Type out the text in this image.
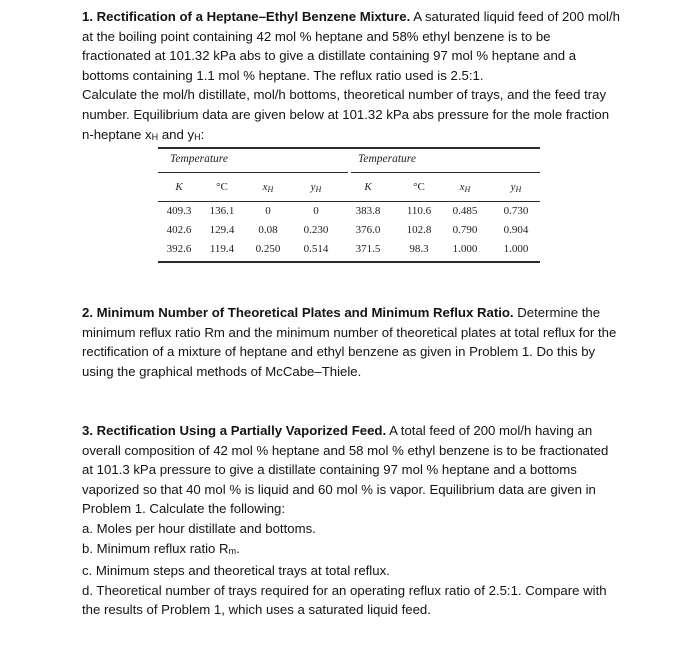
1. Rectification of a Heptane–Ethyl Benzene Mixture. A saturated liquid feed of 200 mol/h at the boiling point containing 42 mol % heptane and 58% ethyl benzene is to be fractionated at 101.32 kPa abs to give a distillate containing 97 mol % heptane and a bottoms containing 1.1 mol % heptane. The reflux ratio used is 2.5:1.

Calculate the mol/h distillate, mol/h bottoms, theoretical number of trays, and the feed tray number. Equilibrium data are given below at 101.32 kPa abs pressure for the mole fraction n-heptane xH and yH:

Temperature	Temperature
K	°C	xH	yH	K	°C	xH	yH
409.3 136.1	0	0	383.8 110.6 0.485 0.730
402.6 129.4 0.08 0.230 376.0 102.8 0.790 0.904
392.6 119.4 0.250 0.514 371.5	98.3 1.000 1.000

2. Minimum Number of Theoretical Plates and Minimum Reflux Ratio. Determine the minimum reflux ratio Rm and the minimum number of theoretical plates at total reflux for the rectification of a mixture of heptane and ethyl benzene as given in Problem 1. Do this by using the graphical methods of McCabe–Thiele.

3. Rectification Using a Partially Vaporized Feed. A total feed of 200 mol/h having an overall composition of 42 mol % heptane and 58 mol % ethyl benzene is to be fractionated at 101.3 kPa pressure to give a distillate containing 97 mol % heptane and a bottoms vaporized so that 40 mol % is liquid and 60 mol % is vapor. Equilibrium data are given in Problem 1. Calculate the following:

a. Moles per hour distillate and bottoms.

b. Minimum reflux ratio Rm.

c. Minimum steps and theoretical trays at total reflux.

d. Theoretical number of trays required for an operating reflux ratio of 2.5:1. Compare with the results of Problem 1, which uses a saturated liquid feed.
